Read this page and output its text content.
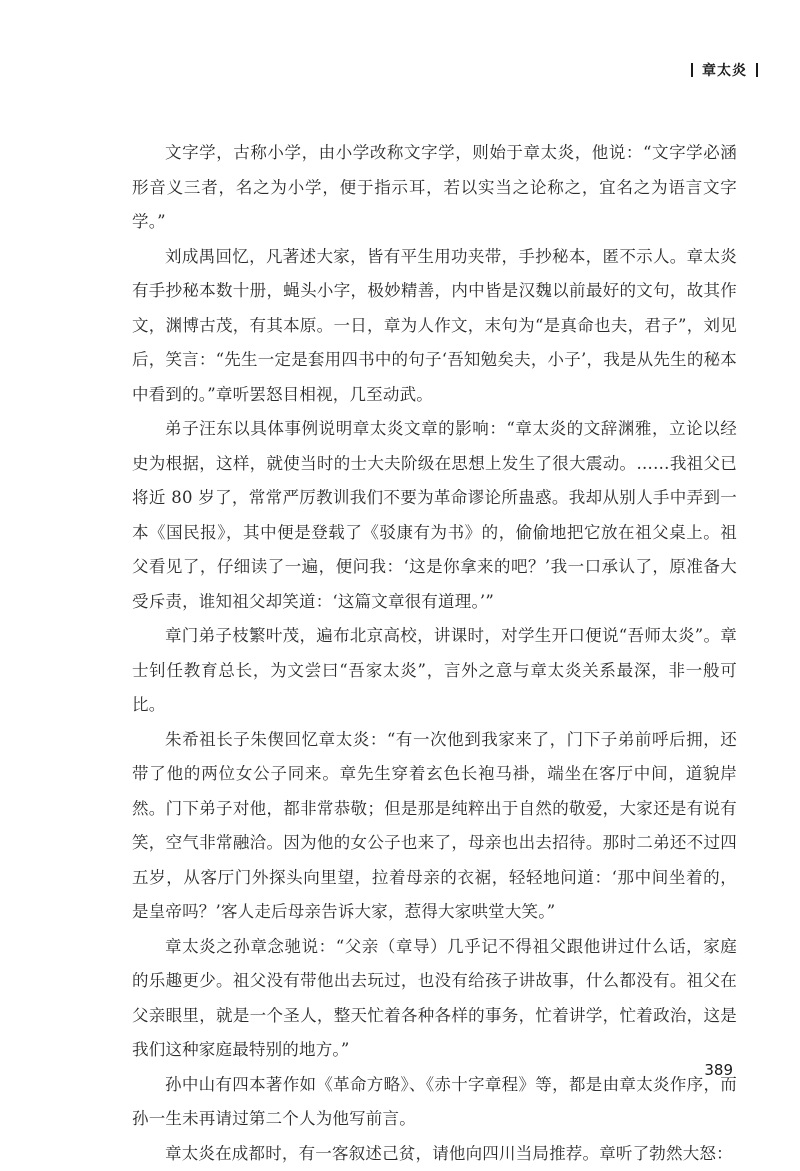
章太炎

文字学，古称小学，由小学改称文字学，则始于章太炎，他说：“文字学必涵形音义三者，名之为小学，便于指示耳，若以实当之论称之，宜名之为语言文字学。”

刘成禺回忆，凡著述大家，皆有平生用功夹带，手抄秘本，匿不示人。章太炎有手抄秘本数十册，蝇头小字，极妙精善，内中皆是汉魏以前最好的文句，故其作文，渊博古茂，有其本原。一日，章为人作文，末句为“是真命也夫，君子”，刘见后，笑言：“先生一定是套用四书中的句子‘吾知勉矣夫，小子’，我是从先生的秘本中看到的。”章听罢怒目相视，几至动武。

弟子汪东以具体事例说明章太炎文章的影响：“章太炎的文辞渊雅，立论以经史为根据，这样，就使当时的士大夫阶级在思想上发生了很大震动。……我祖父已将近 80 岁了，常常严厉教训我们不要为革命谬论所蛊惑。我却从别人手中弄到一本《国民报》，其中便是登载了《驳康有为书》的，偷偷地把它放在祖父桌上。祖父看见了，仔细读了一遍，便问我：‘这是你拿来的吧？’我一口承认了，原准备大受斥责，谁知祖父却笑道：‘这篇文章很有道理。’”

章门弟子枝繁叶茂，遍布北京高校，讲课时，对学生开口便说“吾师太炎”。章士钊任教育总长，为文尝曰“吾家太炎”，言外之意与章太炎关系最深，非一般可比。

朱希祖长子朱偰回忆章太炎：“有一次他到我家来了，门下子弟前呼后拥，还带了他的两位女公子同来。章先生穿着玄色长袍马褂，端坐在客厅中间，道貌岸然。门下弟子对他，都非常恭敬；但是那是纯粹出于自然的敬爱，大家还是有说有笑，空气非常融洽。因为他的女公子也来了，母亲也出去招待。那时二弟还不过四五岁，从客厅门外探头向里望，拉着母亲的衣裾，轻轻地问道：‘那中间坐着的，是皇帝吗？’客人走后母亲告诉大家，惹得大家哄堂大笑。”

章太炎之孙章念驰说：“父亲（章导）几乎记不得祖父跟他讲过什么话，家庭的乐趣更少。祖父没有带他出去玩过，也没有给孩子讲故事，什么都没有。祖父在父亲眼里，就是一个圣人，整天忙着各种各样的事务，忙着讲学，忙着政治，这是我们这种家庭最特别的地方。”

孙中山有四本著作如《革命方略》、《赤十字章程》等，都是由章太炎作序，而孙一生未再请过第二个人为他写前言。

章太炎在成都时，有一客叙述己贫，请他向四川当局推荐。章听了勃然大怒：

389
